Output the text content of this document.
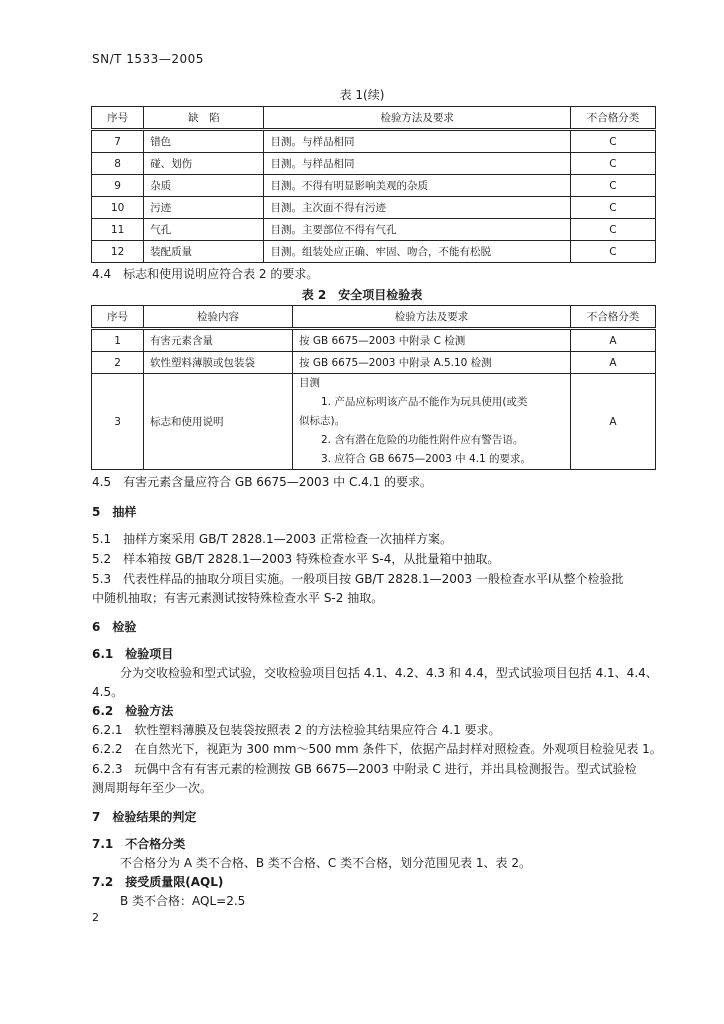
SN/T 1533—2005
表 1(续)
序号	缺　陷	检验方法及要求	不合格分类
7	错色	目测。与样品相同	C
8	碰、划伤	目测。与样品相同	C
9	杂质	目测。不得有明显影响美观的杂质	C
10	污迹	目测。主次面不得有污迹	C
11	气孔	目测。主要部位不得有气孔	C
12	装配质量	目测。组装处应正确、牢固、吻合，不能有松脱	C
4.4　标志和使用说明应符合表 2 的要求。
表 2　安全项目检验表
序号	检验内容	检验方法及要求	不合格分类
1	有害元素含量	按 GB 6675—2003 中附录 C 检测	A
2	软性塑料薄膜或包装袋	按 GB 6675—2003 中附录 A.5.10 检测	A
3	标志和使用说明	目测
1. 产品应标明该产品不能作为玩具使用(或类
似标志)。
2. 含有潜在危险的功能性附件应有警告语。
3. 应符合 GB 6675—2003 中 4.1 的要求。	A
4.5　有害元素含量应符合 GB 6675—2003 中 C.4.1 的要求。
5　抽样
5.1　抽样方案采用 GB/T 2828.1—2003 正常检查一次抽样方案。
5.2　样本箱按 GB/T 2828.1—2003 特殊检查水平 S-4，从批量箱中抽取。
5.3　代表性样品的抽取分项目实施。一般项目按 GB/T 2828.1—2003 一般检查水平Ⅰ从整个检验批
中随机抽取；有害元素测试按特殊检查水平 S-2 抽取。
6　检验
6.1　检验项目
分为交收检验和型式试验，交收检验项目包括 4.1、4.2、4.3 和 4.4，型式试验项目包括 4.1、4.4、
4.5。
6.2　检验方法
6.2.1　软性塑料薄膜及包装袋按照表 2 的方法检验其结果应符合 4.1 要求。
6.2.2　在自然光下，视距为 300 mm～500 mm 条件下，依据产品封样对照检查。外观项目检验见表 1。
6.2.3　玩偶中含有有害元素的检测按 GB 6675—2003 中附录 C 进行，并出具检测报告。型式试验检
测周期每年至少一次。
7　检验结果的判定
7.1　不合格分类
不合格分为 A 类不合格、B 类不合格、C 类不合格，划分范围见表 1、表 2。
7.2　接受质量限(AQL)
B 类不合格：AQL=2.5
2
